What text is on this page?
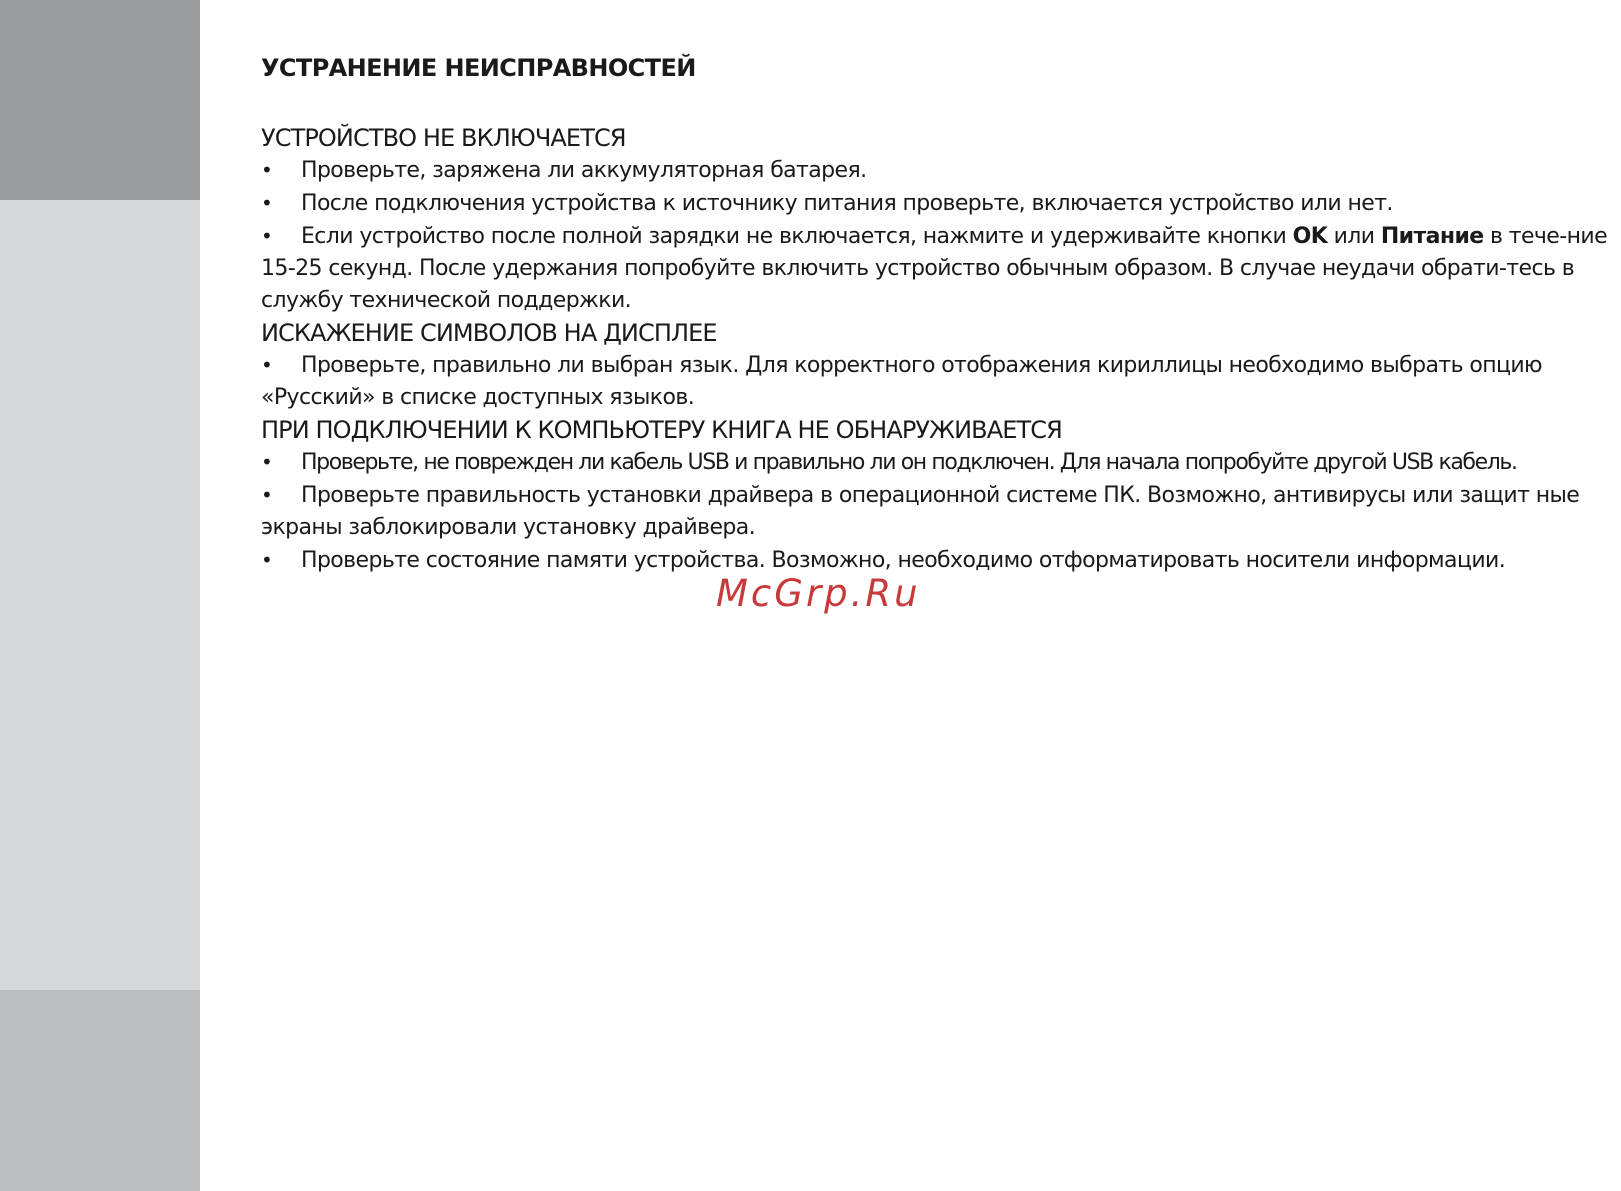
УСТРАНЕНИЕ НЕИСПРАВНОСТЕЙ
УСТРОЙСТВО НЕ ВКЛЮЧАЕТСЯ

• Проверьте, заряжена ли аккумуляторная батарея.

• После подключения устройства к источнику питания проверьте, включается устройство или нет.

• Если устройство после полной зарядки не включается, нажмите и удерживайте кнопки OK или Питание в тече-ние 15-25 секунд. После удержания попробуйте включить устройство обычным образом. В случае неудачи обрати-тесь в службу технической поддержки.

ИСКАЖЕНИЕ СИМВОЛОВ НА ДИСПЛЕЕ

• Проверьте, правильно ли выбран язык. Для корректного отображения кириллицы необходимо выбрать опцию «Русский» в списке доступных языков.

ПРИ ПОДКЛЮЧЕНИИ К КОМПЬЮТЕРУ КНИГА НЕ ОБНАРУЖИВАЕТСЯ

• Проверьте, не поврежден ли кабель USB и правильно ли он подключен. Для начала попробуйте другой USB кабель.

• Проверьте правильность установки драйвера в операционной системе ПК. Возможно, антивирусы или защит ные экраны заблокировали установку драйвера.

• Проверьте состояние памяти устройства. Возможно, необходимо отформатировать носители информации.

McGrp.Ru
